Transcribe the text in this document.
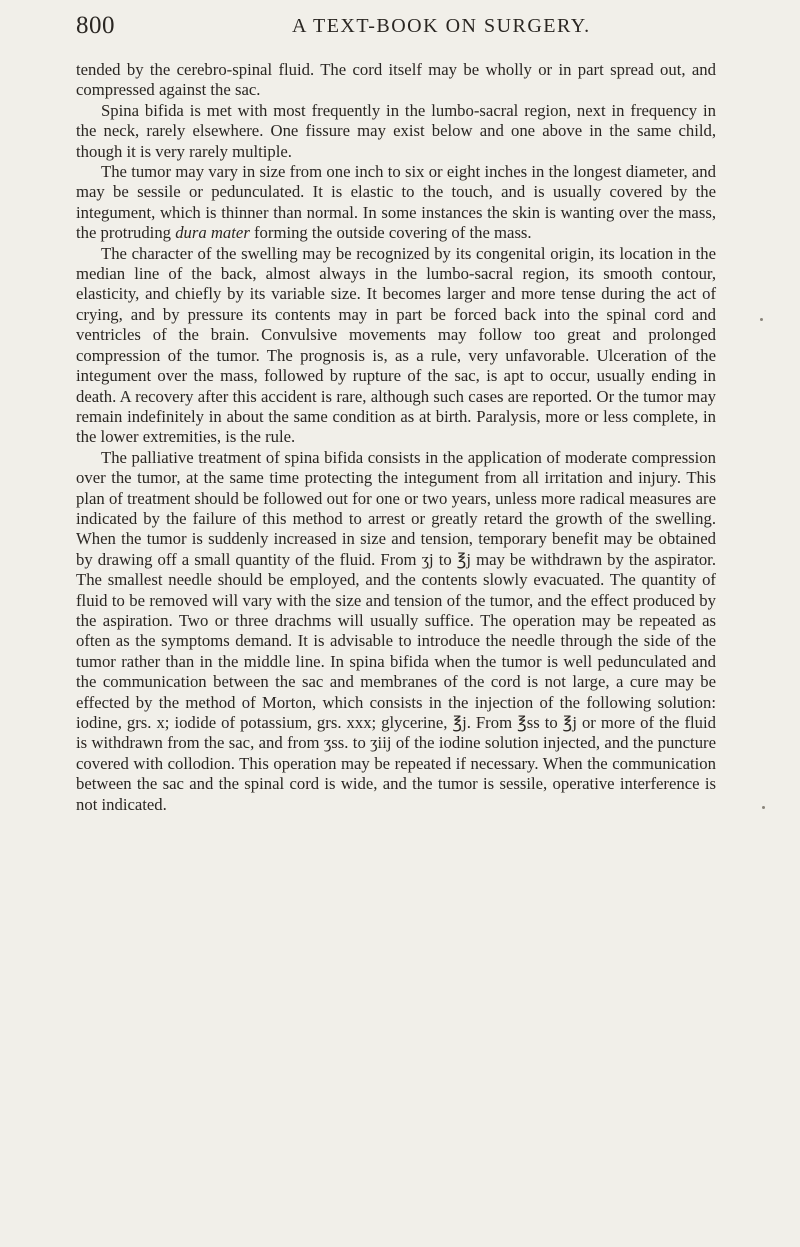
800	A TEXT-BOOK ON SURGERY.

tended by the cerebro-spinal fluid. The cord itself may be wholly or in part spread out, and compressed against the sac.

Spina bifida is met with most frequently in the lumbo-sacral region, next in frequency in the neck, rarely elsewhere. One fissure may exist below and one above in the same child, though it is very rarely multiple.

The tumor may vary in size from one inch to six or eight inches in the longest diameter, and may be sessile or pedunculated. It is elastic to the touch, and is usually covered by the integument, which is thinner than normal. In some instances the skin is wanting over the mass, the protruding dura mater forming the outside covering of the mass.

The character of the swelling may be recognized by its congenital origin, its location in the median line of the back, almost always in the lumbo-sacral region, its smooth contour, elasticity, and chiefly by its variable size. It becomes larger and more tense during the act of crying, and by pressure its contents may in part be forced back into the spinal cord and ventricles of the brain. Convulsive movements may follow too great and prolonged compression of the tumor. The prognosis is, as a rule, very unfavorable. Ulceration of the integument over the mass, followed by rupture of the sac, is apt to occur, usually ending in death. A recovery after this accident is rare, although such cases are reported. Or the tumor may remain indefinitely in about the same condition as at birth. Paralysis, more or less complete, in the lower extremities, is the rule.

The palliative treatment of spina bifida consists in the application of moderate compression over the tumor, at the same time protecting the integument from all irritation and injury. This plan of treatment should be followed out for one or two years, unless more radical measures are indicated by the failure of this method to arrest or greatly retard the growth of the swelling. When the tumor is suddenly increased in size and tension, temporary benefit may be obtained by drawing off a small quantity of the fluid. From ʒj to ℥j may be withdrawn by the aspirator. The smallest needle should be employed, and the contents slowly evacuated. The quantity of fluid to be removed will vary with the size and tension of the tumor, and the effect produced by the aspiration. Two or three drachms will usually suffice. The operation may be repeated as often as the symptoms demand. It is advisable to introduce the needle through the side of the tumor rather than in the middle line. In spina bifida when the tumor is well pedunculated and the communication between the sac and membranes of the cord is not large, a cure may be effected by the method of Morton, which consists in the injection of the following solution: iodine, grs. x; iodide of potassium, grs. xxx; glycerine, ℥j. From ℥ss to ℥j or more of the fluid is withdrawn from the sac, and from ʒss. to ʒiij of the iodine solution injected, and the puncture covered with collodion. This operation may be repeated if necessary. When the communication between the sac and the spinal cord is wide, and the tumor is sessile, operative interference is not indicated.
